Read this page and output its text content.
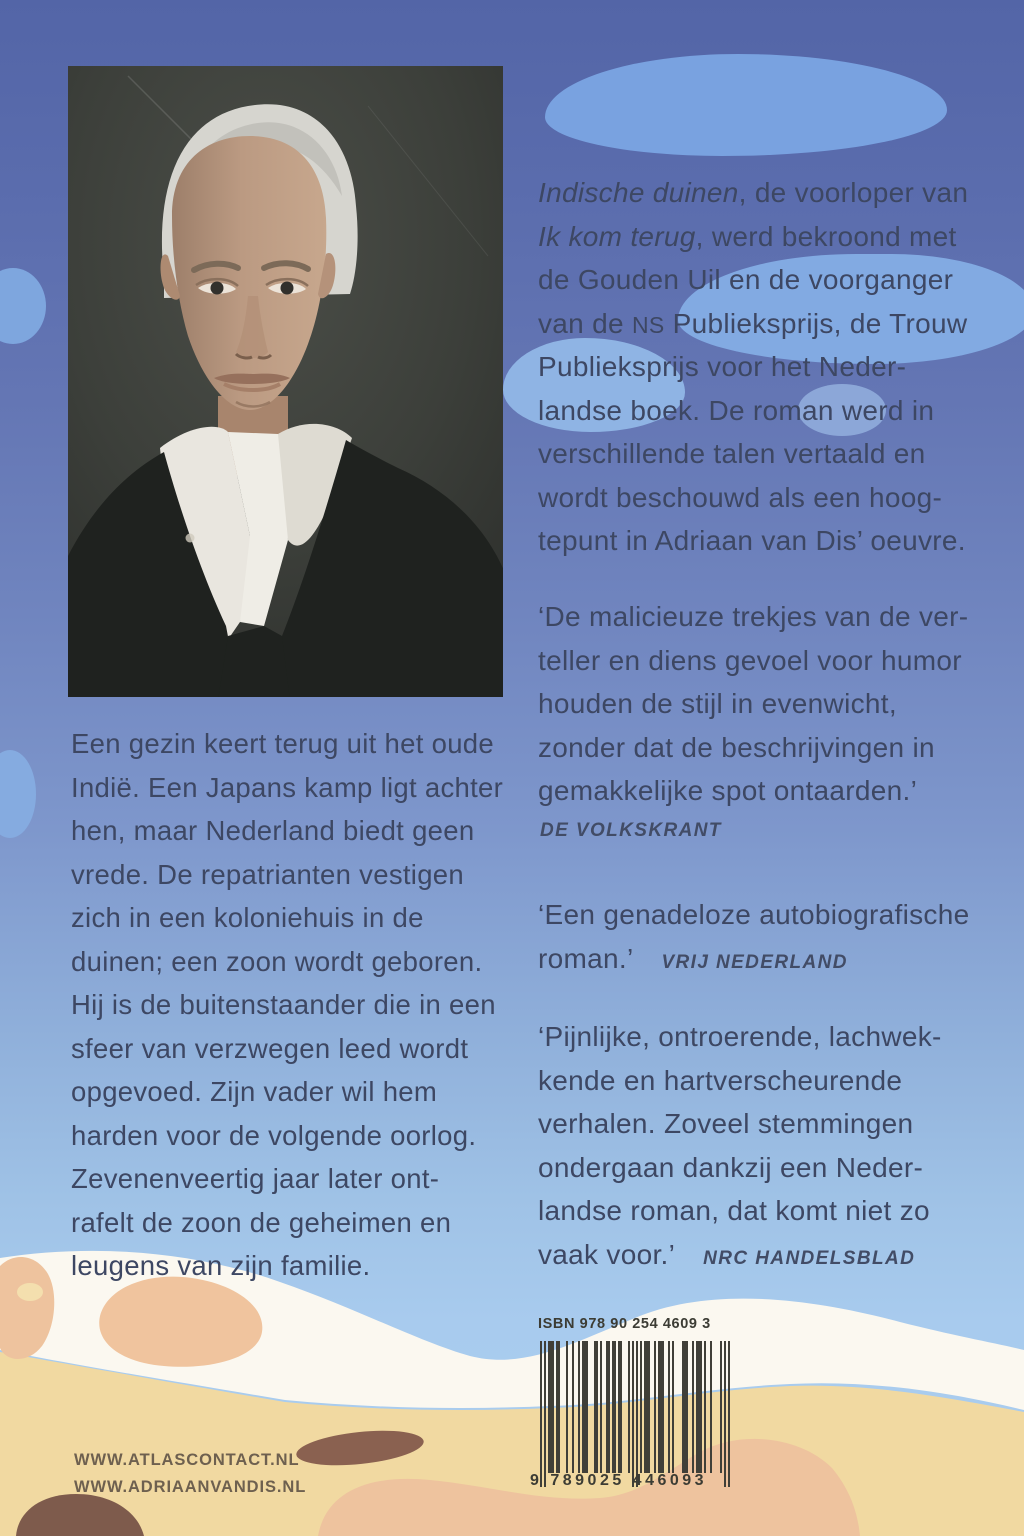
Indische duinen, de voorloper van
Ik kom terug, werd bekroond met
de Gouden Uil en de voorganger
van de NS Publieksprijs, de Trouw
Publieksprijs voor het Neder-
landse boek. De roman werd in
verschillende talen vertaald en
wordt beschouwd als een hoog-
tepunt in Adriaan van Dis’ oeuvre.
‘De malicieuze trekjes van de ver-
teller en diens gevoel voor humor
houden de stijl in evenwicht,
zonder dat de beschrijvingen in
gemakkelijke spot ontaarden.’
DE VOLKSKRANT
‘Een genadeloze autobiografische
roman.’ VRIJ NEDERLAND
‘Pijnlijke, ontroerende, lachwek-
kende en hartverscheurende
verhalen. Zoveel stemmingen
ondergaan dankzij een Neder-
landse roman, dat komt niet zo
vaak voor.’ NRC HANDELSBLAD
Een gezin keert terug uit het oude
Indië. Een Japans kamp ligt achter
hen, maar Nederland biedt geen
vrede. De repatrianten vestigen
zich in een koloniehuis in de
duinen; een zoon wordt geboren.
Hij is de buitenstaander die in een
sfeer van verzwegen leed wordt
opgevoed. Zijn vader wil hem
harden voor de volgende oorlog.
Zevenenveertig jaar later ont-
rafelt de zoon de geheimen en
leugens van zijn familie.
WWW.ATLASCONTACT.NL
WWW.ADRIAANVANDIS.NL
ISBN 978 90 254 4609 3
9 789025 446093
